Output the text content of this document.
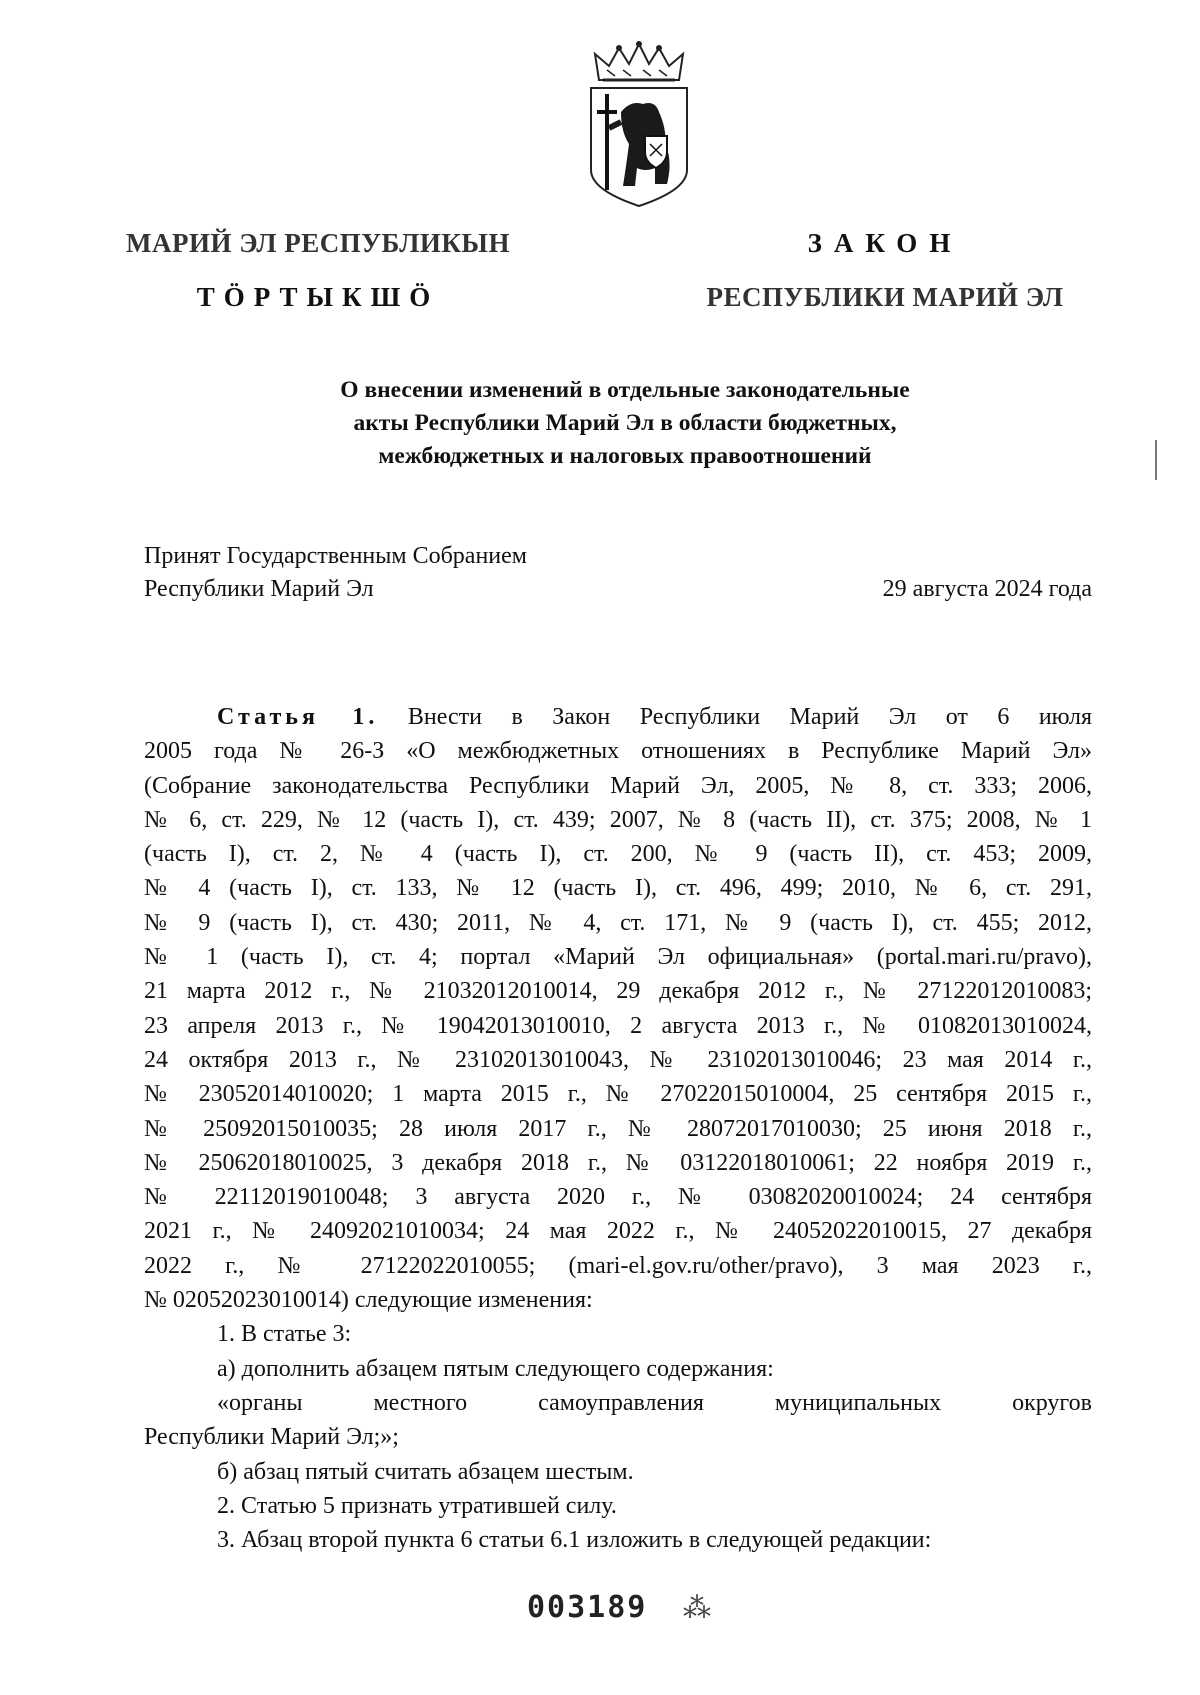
МАРИЙ ЭЛ РЕСПУБЛИКЫН
ТӦРТЫКШӦ
ЗАКОН
РЕСПУБЛИКИ МАРИЙ ЭЛ
О внесении изменений в отдельные законодательные
акты Республики Марий Эл в области бюджетных,
межбюджетных и налоговых правоотношений
Принят Государственным Собранием
Республики Марий Эл	29 августа 2024 года
Статья 1. Внести в Закон Республики Марий Эл от 6 июля
2005 года № 26-З «О межбюджетных отношениях в Республике Марий Эл»
(Собрание законодательства Республики Марий Эл, 2005, № 8, ст. 333; 2006,
№ 6, ст. 229, № 12 (часть I), ст. 439; 2007, № 8 (часть II), ст. 375; 2008, № 1
(часть I), ст. 2, № 4 (часть I), ст. 200, № 9 (часть II), ст. 453; 2009,
№ 4 (часть I), ст. 133, № 12 (часть I), ст. 496, 499; 2010, № 6, ст. 291,
№ 9 (часть I), ст. 430; 2011, № 4, ст. 171, № 9 (часть I), ст. 455; 2012,
№ 1 (часть I), ст. 4; портал «Марий Эл официальная» (portal.mari.ru/pravo),
21 марта 2012 г., № 21032012010014, 29 декабря 2012 г., № 27122012010083;
23 апреля 2013 г., № 19042013010010, 2 августа 2013 г., № 01082013010024,
24 октября 2013 г., № 23102013010043, № 23102013010046; 23 мая 2014 г.,
№ 23052014010020; 1 марта 2015 г., № 27022015010004, 25 сентября 2015 г.,
№ 25092015010035; 28 июля 2017 г., № 28072017010030; 25 июня 2018 г.,
№ 25062018010025, 3 декабря 2018 г., № 03122018010061; 22 ноября 2019 г.,
№ 22112019010048; 3 августа 2020 г., № 03082020010024; 24 сентября
2021 г., № 24092021010034; 24 мая 2022 г., № 24052022010015, 27 декабря
2022 г., № 27122022010055; (mari-el.gov.ru/other/pravo), 3 мая 2023 г.,
№ 02052023010014) следующие изменения:
1. В статье 3:
а) дополнить абзацем пятым следующего содержания:
«органы местного самоуправления муниципальных округов
Республики Марий Эл;»;
б) абзац пятый считать абзацем шестым.
2. Статью 5 признать утратившей силу.
3. Абзац второй пункта 6 статьи 6.1 изложить в следующей редакции:
003189 ⁂
